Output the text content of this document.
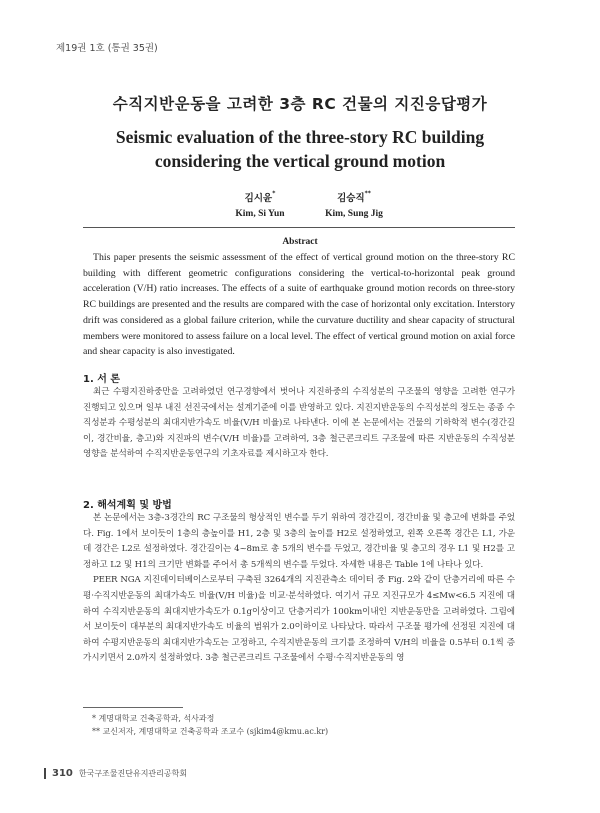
제19권 1호 (통권 35권)
수직지반운동을 고려한 3층 RC 건물의 지진응답평가
Seismic evaluation of the three-story RC building
considering the vertical ground motion
김시윤*
Kim, Si Yun
김승직**
Kim, Sung Jig
Abstract
This paper presents the seismic assessment of the effect of vertical ground motion on the three-story RC building with different geometric configurations considering the vertical-to-horizontal peak ground acceleration (V/H) ratio increases. The effects of a suite of earthquake ground motion records on three-story RC buildings are presented and the results are compared with the case of horizontal only excitation. Interstory drift was considered as a global failure criterion, while the curvature ductility and shear capacity of structural members were monitored to assess failure on a local level. The effect of vertical ground motion on axial force and shear capacity is also investigated.
1. 서 론

최근 수평지진하중만을 고려하였던 연구경향에서 벗어나 지진하중의 수직성분의 구조물의 영향을 고려한 연구가 진행되고 있으며 일부 내진 선진국에서는 설계기준에 이를 반영하고 있다. 지진지반운동의 수직성분의 정도는 종종 수직성분과 수평성분의 최대지반가속도 비율(V/H 비율)로 나타낸다. 이에 본 논문에서는 건물의 기하학적 변수(경간길이, 경간비율, 층고)와 지진파의 변수(V/H 비율)를 고려하여, 3층 철근콘크리트 구조물에 따른 지반운동의 수직성분 영향을 분석하여 수직지반운동연구의 기초자료를 제시하고자 한다.

2. 해석계획 및 방법

본 논문에서는 3층-3경간의 RC 구조물의 형상적인 변수를 두기 위하여 경간길이, 경간비율 및 층고에 변화를 주었다. Fig. 1에서 보이듯이 1층의 층높이를 H1, 2층 및 3층의 높이를 H2로 설정하였고, 왼쪽 오른쪽 경간은 L1, 가운데 경간은 L2로 설정하였다. 경간길이는 4~8m로 총 5개의 변수를 두었고, 경간비율 및 층고의 경우 L1 및 H2를 고정하고 L2 및 H1의 크기만 변화를 주어서 총 5개씩의 변수를 두었다. 자세한 내용은 Table 1에 나타나 있다.

PEER NGA 지진데이터베이스로부터 구축된 3264개의 지진관측소 데이터 중 Fig. 2와 같이 단층거리에 따른 수평·수직지반운동의 최대가속도 비율(V/H 비율)을 비교·분석하였다. 여기서 규모 지진규모가 4≤Mw<6.5 지진에 대하여 수직지반운동의 최대지반가속도가 0.1g이상이고 단층거리가 100km이내인 지반운동만을 고려하였다. 그림에서 보이듯이 대부분의 최대지반가속도 비율의 범위가 2.0이하이로 나타났다. 따라서 구조물 평가에 선정된 지진에 대하여 수평지반운동의 최대지반가속도는 고정하고, 수직지반운동의 크기를 조정하여 V/H의 비율을 0.5부터 0.1씩 증가시키면서 2.0까지 설정하였다. 3층 철근콘크리트 구조물에서 수평·수직지반운동의 영

* 계명대학교 건축공학과, 석사과정
** 교신저자, 계명대학교 건축공학과 조교수 (sjkim4@kmu.ac.kr)
310 한국구조물진단유지관리공학회
